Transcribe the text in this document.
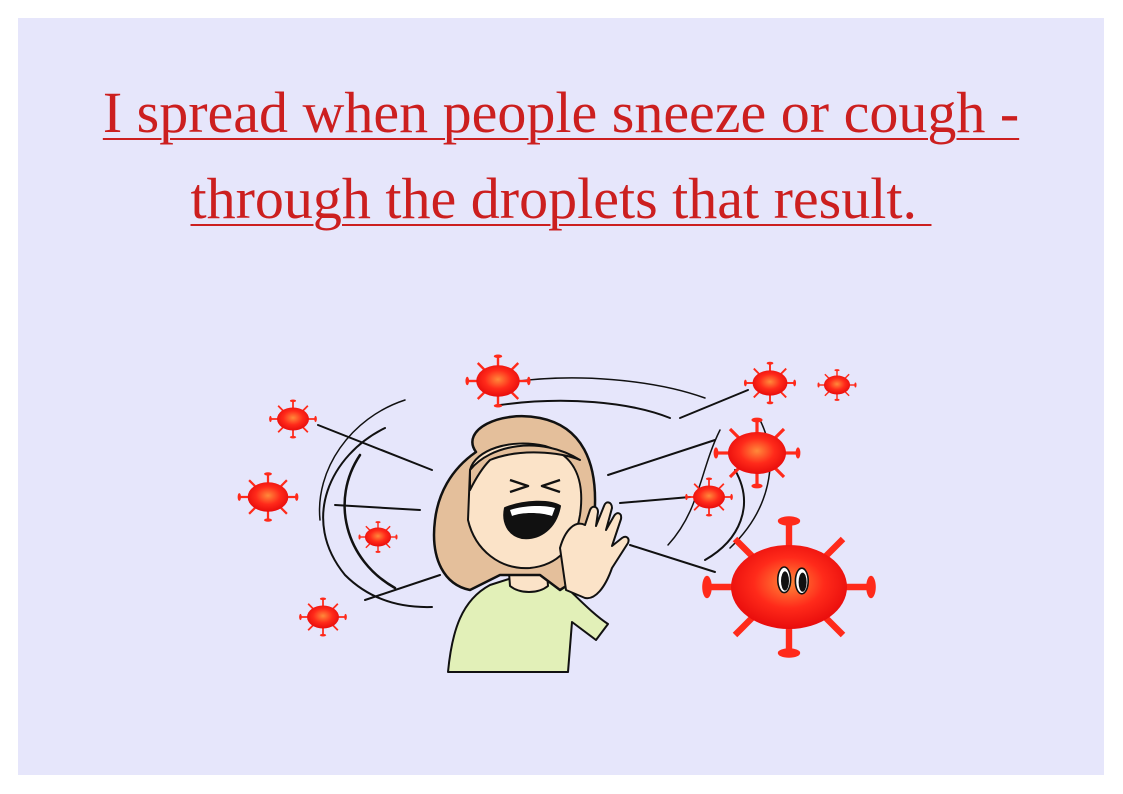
I spread when people sneeze or cough -
through the droplets that result.
